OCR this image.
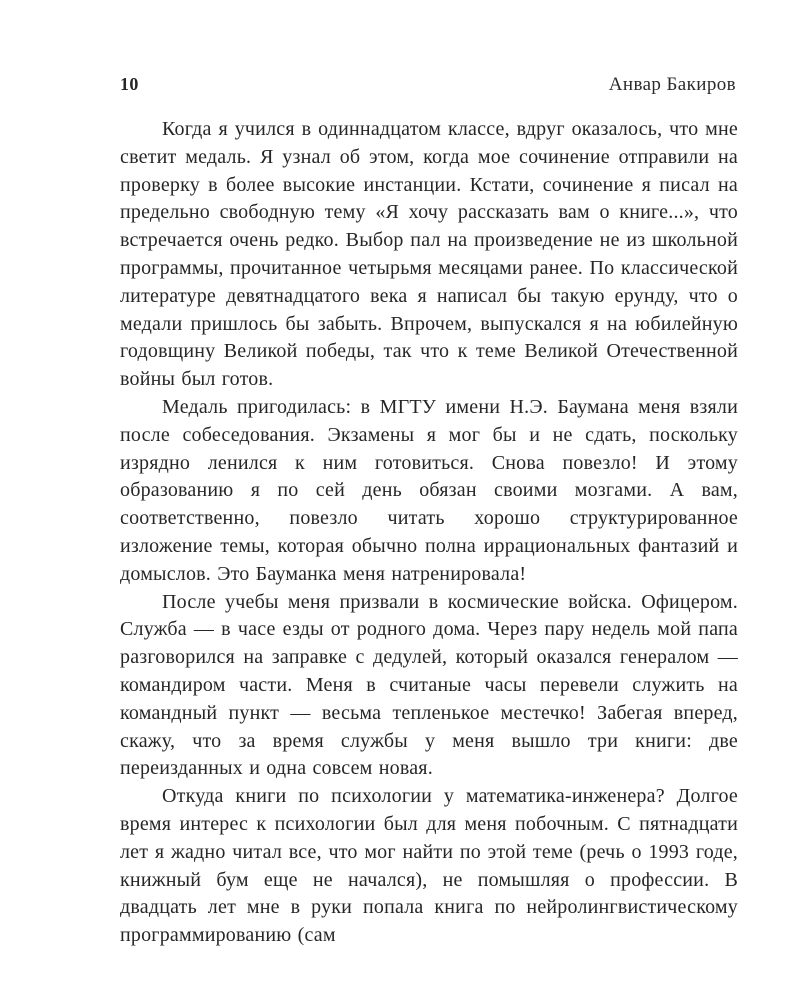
10	Анвар Бакиров

Когда я учился в одиннадцатом классе, вдруг оказалось, что мне светит медаль. Я узнал об этом, когда мое сочинение отправили на проверку в более высокие инстанции. Кстати, сочинение я писал на предельно свободную тему «Я хочу рассказать вам о книге...», что встречается очень редко. Выбор пал на произведение не из школьной программы, прочитанное четырьмя месяцами ранее. По классической литературе девятнадцатого века я написал бы такую ерунду, что о медали пришлось бы забыть. Впрочем, выпускался я на юбилейную годовщину Великой победы, так что к теме Великой Отечественной войны был готов.

Медаль пригодилась: в МГТУ имени Н.Э. Баумана меня взяли после собеседования. Экзамены я мог бы и не сдать, поскольку изрядно ленился к ним готовиться. Снова повезло! И этому образованию я по сей день обязан своими мозгами. А вам, соответственно, повезло читать хорошо структурированное изложение темы, которая обычно полна иррациональных фантазий и домыслов. Это Бауманка меня натренировала!

После учебы меня призвали в космические войска. Офицером. Служба — в часе езды от родного дома. Через пару недель мой папа разговорился на заправке с дедулей, который оказался генералом — командиром части. Меня в считаные часы перевели служить на командный пункт — весьма тепленькое местечко! Забегая вперед, скажу, что за время службы у меня вышло три книги: две переизданных и одна совсем новая.

Откуда книги по психологии у математика-инженера? Долгое время интерес к психологии был для меня побочным. С пятнадцати лет я жадно читал все, что мог найти по этой теме (речь о 1993 годе, книжный бум еще не начался), не помышляя о профессии. В двадцать лет мне в руки попала книга по нейролингвистическому программированию (сам
